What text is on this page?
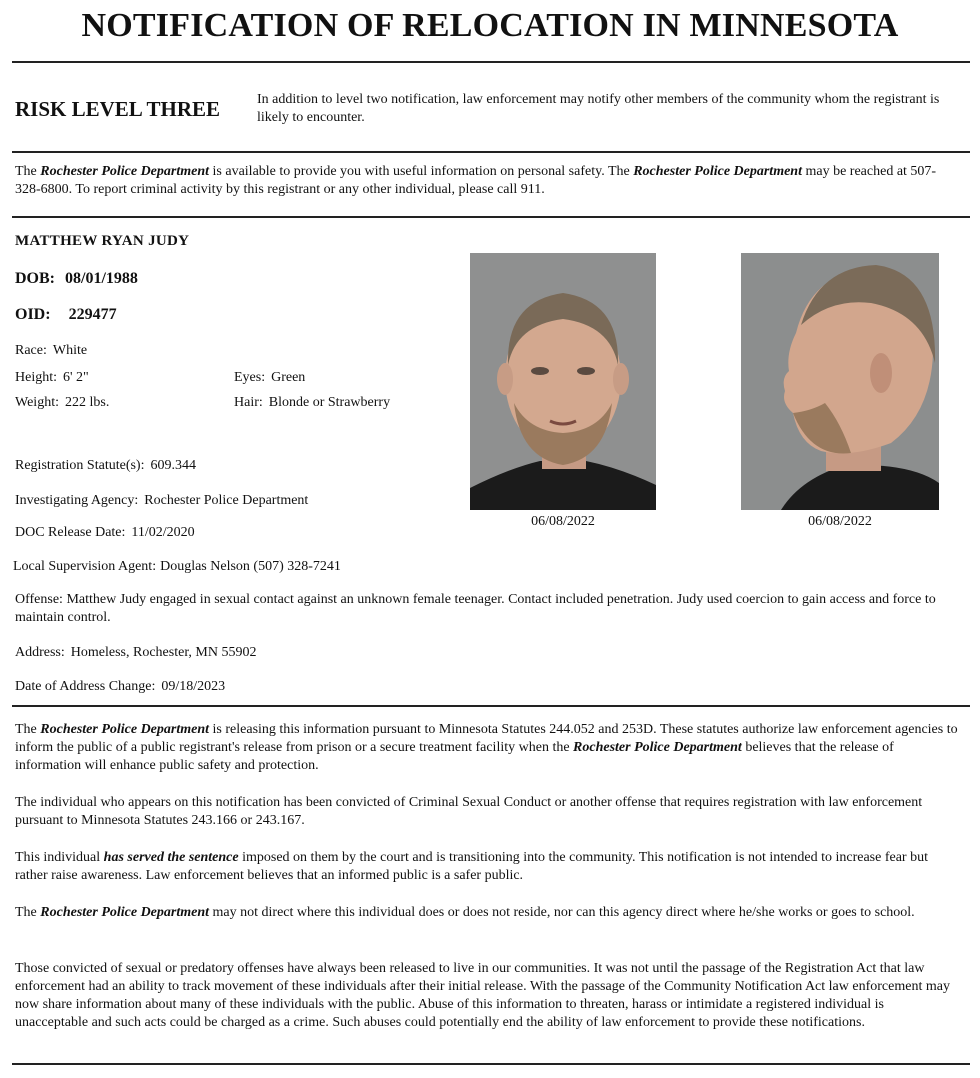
NOTIFICATION OF RELOCATION IN MINNESOTA
RISK LEVEL THREE	In addition to level two notification, law enforcement may notify other members of the community whom the registrant is likely to encounter.

The Rochester Police Department is available to provide you with useful information on personal safety. The Rochester Police Department may be reached at 507-328-6800. To report criminal activity by this registrant or any other individual, please call 911.

MATTHEW RYAN JUDY
DOB: 08/01/1988
OID: 229477
Race: White
Height: 6' 2"
Weight: 222 lbs.
Eyes: Green
Hair: Blonde or Strawberry
Registration Statute(s): 609.344
Investigating Agency: Rochester Police Department
DOC Release Date: 11/02/2020
Local Supervision Agent: Douglas Nelson (507) 328-7241

Offense: Matthew Judy engaged in sexual contact against an unknown female teenager. Contact included penetration. Judy used coercion to gain access and force to maintain control.

Address: Homeless, Rochester, MN 55902
Date of Address Change: 09/18/2023
06/08/2022	06/08/2022

The Rochester Police Department is releasing this information pursuant to Minnesota Statutes 244.052 and 253D. These statutes authorize law enforcement agencies to inform the public of a public registrant's release from prison or a secure treatment facility when the Rochester Police Department believes that the release of information will enhance public safety and protection.

The individual who appears on this notification has been convicted of Criminal Sexual Conduct or another offense that requires registration with law enforcement pursuant to Minnesota Statutes 243.166 or 243.167.

This individual has served the sentence imposed on them by the court and is transitioning into the community. This notification is not intended to increase fear but rather raise awareness. Law enforcement believes that an informed public is a safer public.

The Rochester Police Department may not direct where this individual does or does not reside, nor can this agency direct where he/she works or goes to school.

Those convicted of sexual or predatory offenses have always been released to live in our communities. It was not until the passage of the Registration Act that law enforcement had an ability to track movement of these individuals after their initial release. With the passage of the Community Notification Act law enforcement may now share information about many of these individuals with the public. Abuse of this information to threaten, harass or intimidate a registered individual is unacceptable and such acts could be charged as a crime. Such abuses could potentially end the ability of law enforcement to provide these notifications.
